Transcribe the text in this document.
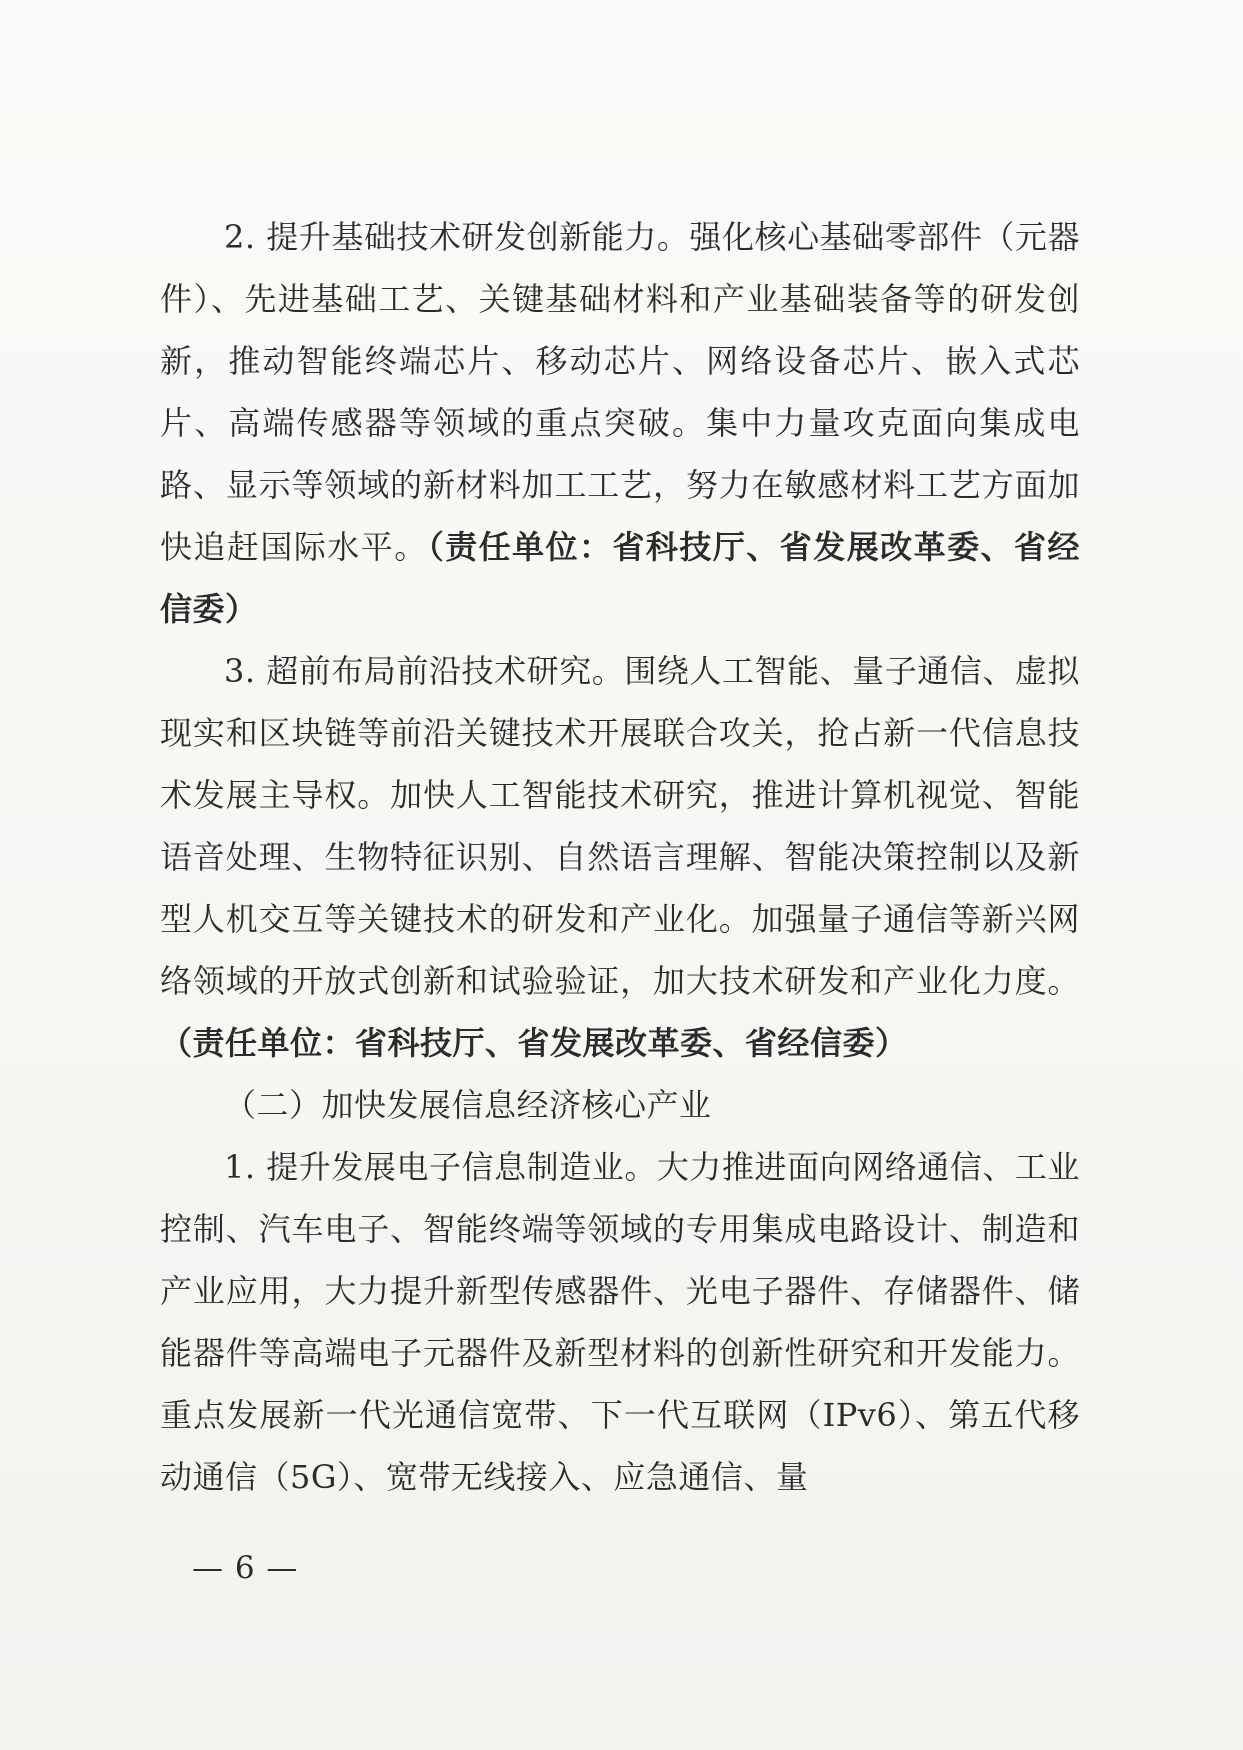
2. 提升基础技术研发创新能力。强化核心基础零部件（元器件）、先进基础工艺、关键基础材料和产业基础装备等的研发创新，推动智能终端芯片、移动芯片、网络设备芯片、嵌入式芯片、高端传感器等领域的重点突破。集中力量攻克面向集成电路、显示等领域的新材料加工工艺，努力在敏感材料工艺方面加快追赶国际水平。（责任单位：省科技厅、省发展改革委、省经信委）

3. 超前布局前沿技术研究。围绕人工智能、量子通信、虚拟现实和区块链等前沿关键技术开展联合攻关，抢占新一代信息技术发展主导权。加快人工智能技术研究，推进计算机视觉、智能语音处理、生物特征识别、自然语言理解、智能决策控制以及新型人机交互等关键技术的研发和产业化。加强量子通信等新兴网络领域的开放式创新和试验验证，加大技术研发和产业化力度。（责任单位：省科技厅、省发展改革委、省经信委）

（二）加快发展信息经济核心产业

1. 提升发展电子信息制造业。大力推进面向网络通信、工业控制、汽车电子、智能终端等领域的专用集成电路设计、制造和产业应用，大力提升新型传感器件、光电子器件、存储器件、储能器件等高端电子元器件及新型材料的创新性研究和开发能力。重点发展新一代光通信宽带、下一代互联网（IPv6）、第五代移动通信（5G）、宽带无线接入、应急通信、量

— 6 —
